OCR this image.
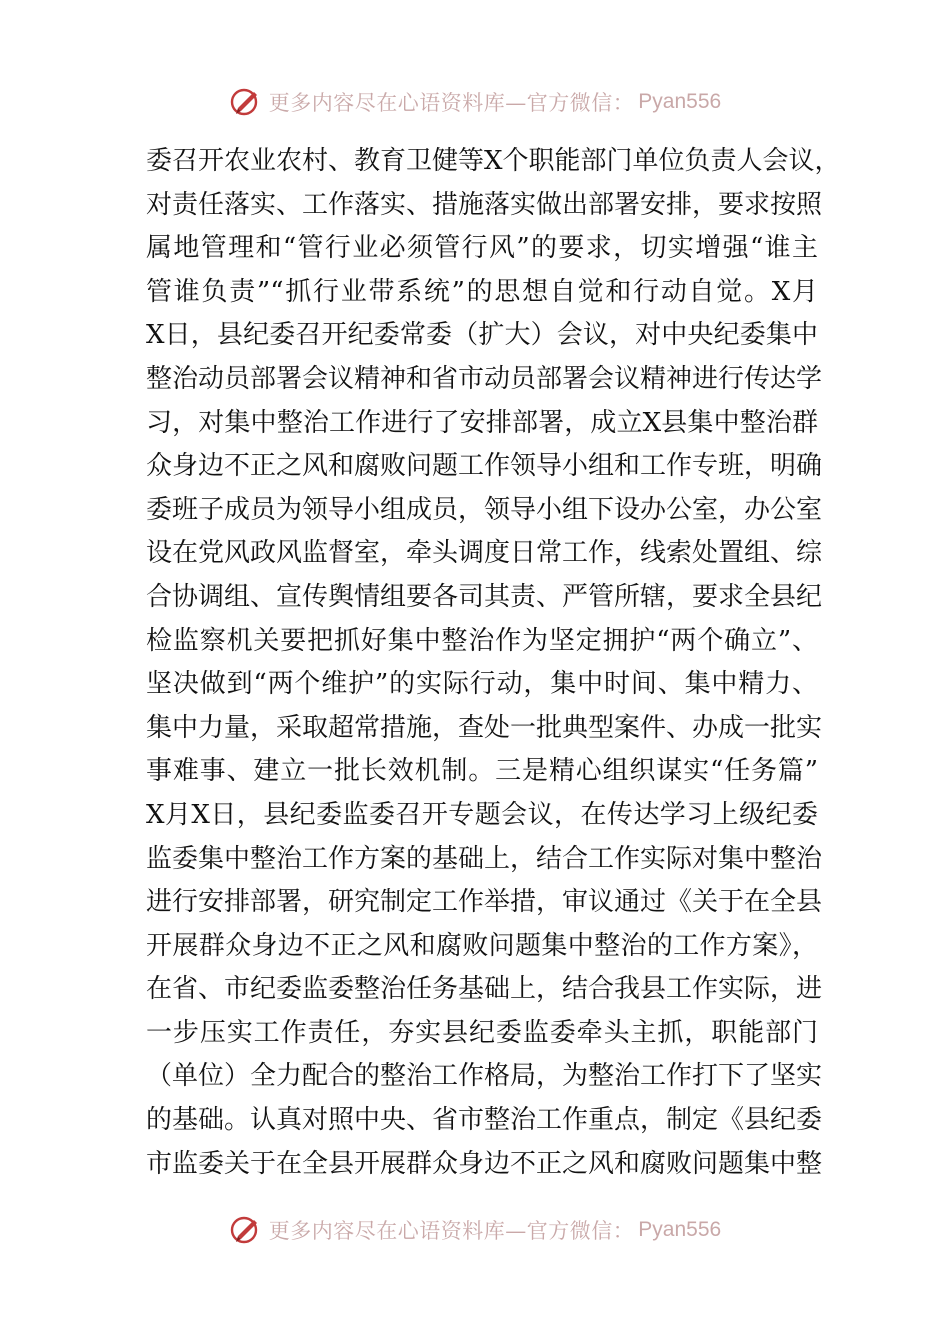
更多内容尽在心语资料库—官方微信： Pyan556
委召开农业农村、教育卫健等X个职能部门单位负责人会议，
对责任落实、工作落实、措施落实做出部署安排，要求按照
属地管理和“管行业必须管行风”的要求，切实增强“谁主
管谁负责”“抓行业带系统”的思想自觉和行动自觉。X月
X日，县纪委召开纪委常委（扩大）会议，对中央纪委集中
整治动员部署会议精神和省市动员部署会议精神进行传达学
习，对集中整治工作进行了安排部署，成立X县集中整治群
众身边不正之风和腐败问题工作领导小组和工作专班，明确
委班子成员为领导小组成员，领导小组下设办公室，办公室
设在党风政风监督室，牵头调度日常工作，线索处置组、综
合协调组、宣传舆情组要各司其责、严管所辖，要求全县纪
检监察机关要把抓好集中整治作为坚定拥护“两个确立”、
坚决做到“两个维护”的实际行动，集中时间、集中精力、
集中力量，采取超常措施，查处一批典型案件、办成一批实
事难事、建立一批长效机制。三是精心组织谋实“任务篇”
X月X日，县纪委监委召开专题会议，在传达学习上级纪委
监委集中整治工作方案的基础上，结合工作实际对集中整治
进行安排部署，研究制定工作举措，审议通过《关于在全县
开展群众身边不正之风和腐败问题集中整治的工作方案》，
在省、市纪委监委整治任务基础上，结合我县工作实际，进
一步压实工作责任，夯实县纪委监委牵头主抓，职能部门
（单位）全力配合的整治工作格局，为整治工作打下了坚实
的基础。认真对照中央、省市整治工作重点，制定《县纪委
市监委关于在全县开展群众身边不正之风和腐败问题集中整
更多内容尽在心语资料库—官方微信： Pyan556
